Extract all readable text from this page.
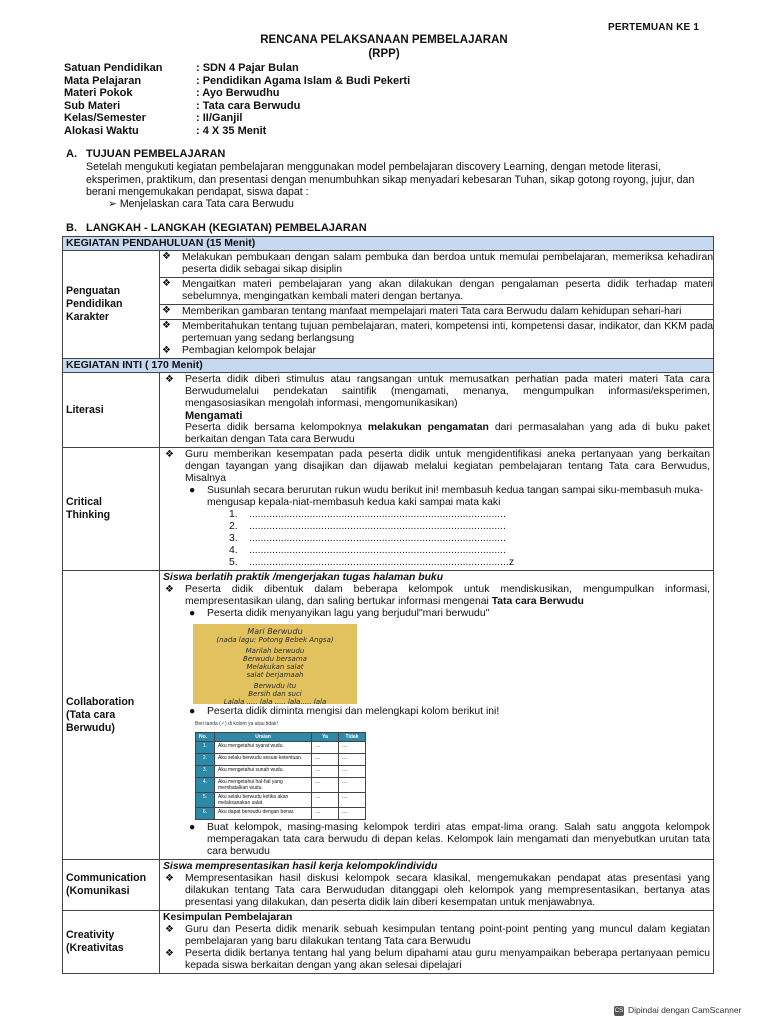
PERTEMUAN KE 1
RENCANA PELAKSANAAN PEMBELAJARAN
(RPP)
Satuan Pendidikan	: SDN 4 Pajar Bulan
Mata Pelajaran	: Pendidikan Agama Islam & Budi Pekerti
Materi Pokok	: Ayo Berwudhu
Sub Materi	: Tata cara Berwudu
Kelas/Semester	: II/Ganjil
Alokasi Waktu	: 4 X 35 Menit
A. TUJUAN PEMBELAJARAN
Setelah mengukuti kegiatan pembelajaran menggunakan model pembelajaran discovery Learning, dengan metode literasi, eksperimen, praktikum, dan presentasi dengan menumbuhkan sikap menyadari kebesaran Tuhan, sikap gotong royong, jujur, dan berani mengemukakan pendapat, siswa dapat :
➢ Menjelaskan cara Tata cara Berwudu
B. LANGKAH - LANGKAH (KEGIATAN) PEMBELAJARAN
KEGIATAN PENDAHULUAN (15 Menit)

Penguatan
Pendidikan
Karakter

❖ Melakukan pembukaan dengan salam pembuka dan berdoa untuk memulai pembelajaran, memeriksa kehadiran peserta didik sebagai sikap disiplin
❖ Mengaitkan materi pembelajaran yang akan dilakukan dengan pengalaman peserta didik terhadap materi sebelumnya, mengingatkan kembali materi dengan bertanya.
❖ Memberikan gambaran tentang manfaat mempelajari materi Tata cara Berwudu dalam kehidupan sehari-hari
❖ Memberitahukan tentang tujuan pembelajaran, materi, kompetensi inti, kompetensi dasar, indikator, dan KKM pada pertemuan yang sedang berlangsung
❖ Pembagian kelompok belajar

KEGIATAN INTI ( 170 Menit)

Literasi

❖ Peserta didik diberi stimulus atau rangsangan untuk memusatkan perhatian pada materi materi Tata cara Berwudumelalui pendekatan saintifik (mengamati, menanya, mengumpulkan informasi/eksperimen, mengasosiasikan mengolah informasi, mengomunikasikan)
Mengamati
Peserta didik bersama kelompoknya melakukan pengamatan dari permasalahan yang ada di buku paket berkaitan dengan Tata cara Berwudu

Critical
Thinking

❖ Guru memberikan kesempatan pada peserta didik untuk mengidentifikasi aneka pertanyaan yang berkaitan dengan tayangan yang disajikan dan dijawab melalui kegiatan pembelajaran tentang Tata cara Berwudus, Misalnya
● Susunlah secara berurutan rukun wudu berikut ini! membasuh kedua tangan sampai siku-membasuh muka-mengusap kepala-niat-membasuh kedua kaki sampai mata kaki
1. .........................................................................................
2. .........................................................................................
3. .........................................................................................
4. .........................................................................................
5. ..........................................................................................z

Collaboration
(Tata cara
Berwudu)

Siswa berlatih praktik /mengerjakan tugas halaman buku
❖ Peserta didik dibentuk dalam beberapa kelompok untuk mendiskusikan, mengumpulkan informasi, mempresentasikan ulang, dan saling bertukar informasi mengenai Tata cara Berwudu
● Peserta didik menyanyikan lagu yang berjudul"mari berwudu"
Mari Berwudu
(nada lagu: Potong Bebek Angsa)
Marilah berwudu
Berwudu bersama
Melakukan salat
salat berjamaah
Berwudu itu
Bersih dan suci
Lalala ..... lala ..... lala..... lala
● Peserta didik diminta mengisi dan melengkapi kolom berikut ini!
Beri tanda (✓) di kolom ya atau tidak!
No.	Uraian	Ya	Tidak
1.	Aku mengetahui syarat wudu.	....	....
2.	Aku selalu berwudu sesuai ketentuan.	....	....
3.	Aku mengetahui sunah wudu.	....	....
4.	Aku mengetahui hal-hal yang membatalkan wudu.	....	....
5.	Aku selalu berwudu ketika akan melaksanakan salat.	....	....
6.	Aku dapat berwudu dengan benar.	....	....
● Buat kelompok, masing-masing kelompok terdiri atas empat-lima orang. Salah satu anggota kelompok memperagakan tata cara berwudu di depan kelas. Kelompok lain mengamati dan menyebutkan urutan tata cara berwudu

Communication
(Komunikasi

Siswa mempresentasikan hasil kerja kelompok/individu
❖ Mempresentasikan hasil diskusi kelompok secara klasikal, mengemukakan pendapat atas presentasi yang dilakukan tentang Tata cara Berwududan ditanggapi oleh kelompok yang mempresentasikan, bertanya atas presentasi yang dilakukan, dan peserta didik lain diberi kesempatan untuk menjawabnya.

Creativity
(Kreativitas

Kesimpulan Pembelajaran
❖ Guru dan Peserta didik menarik sebuah kesimpulan tentang point-point penting yang muncul dalam kegiatan pembelajaran yang baru dilakukan tentang Tata cara Berwudu
❖ Peserta didik bertanya tentang hal yang belum dipahami atau guru menyampaikan beberapa pertanyaan pemicu kepada siswa berkaitan dengan yang akan selesai dipelajari
CS Dipindai dengan CamScanner
